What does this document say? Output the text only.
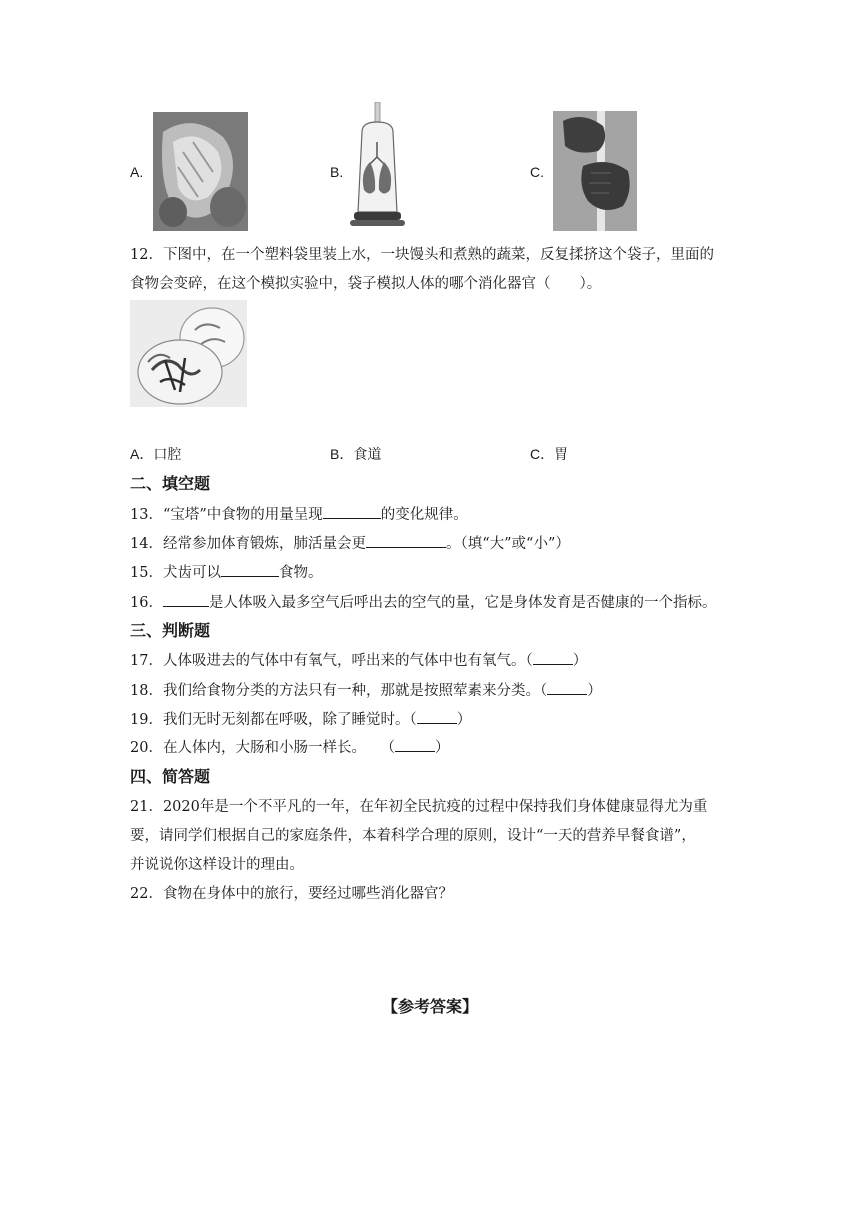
A.	B.	C.
12．下图中，在一个塑料袋里装上水，一块馒头和煮熟的蔬菜，反复揉挤这个袋子，里面的
食物会变碎，在这个模拟实验中，袋子模拟人体的哪个消化器官（　　）。
A．口腔	B．食道	C．胃
二、填空题
13．“宝塔”中食物的用量呈现	的变化规律。
14．经常参加体育锻炼，肺活量会更	。（填“大”或“小”）
15．犬齿可以	食物。
16．	是人体吸入最多空气后呼出去的空气的量，它是身体发育是否健康的一个指标。
三、判断题
17．人体吸进去的气体中有氧气，呼出来的气体中也有氧气。（	）
18．我们给食物分类的方法只有一种，那就是按照荤素来分类。（	）
19．我们无时无刻都在呼吸，除了睡觉时。（	）
20．在人体内，大肠和小肠一样长。　　（	）
四、简答题
21．2020年是一个不平凡的一年，在年初全民抗疫的过程中保持我们身体健康显得尤为重
要，请同学们根据自己的家庭条件，本着科学合理的原则，设计“一天的营养早餐食谱”，
并说说你这样设计的理由。
22．食物在身体中的旅行，要经过哪些消化器官？
【参考答案】
